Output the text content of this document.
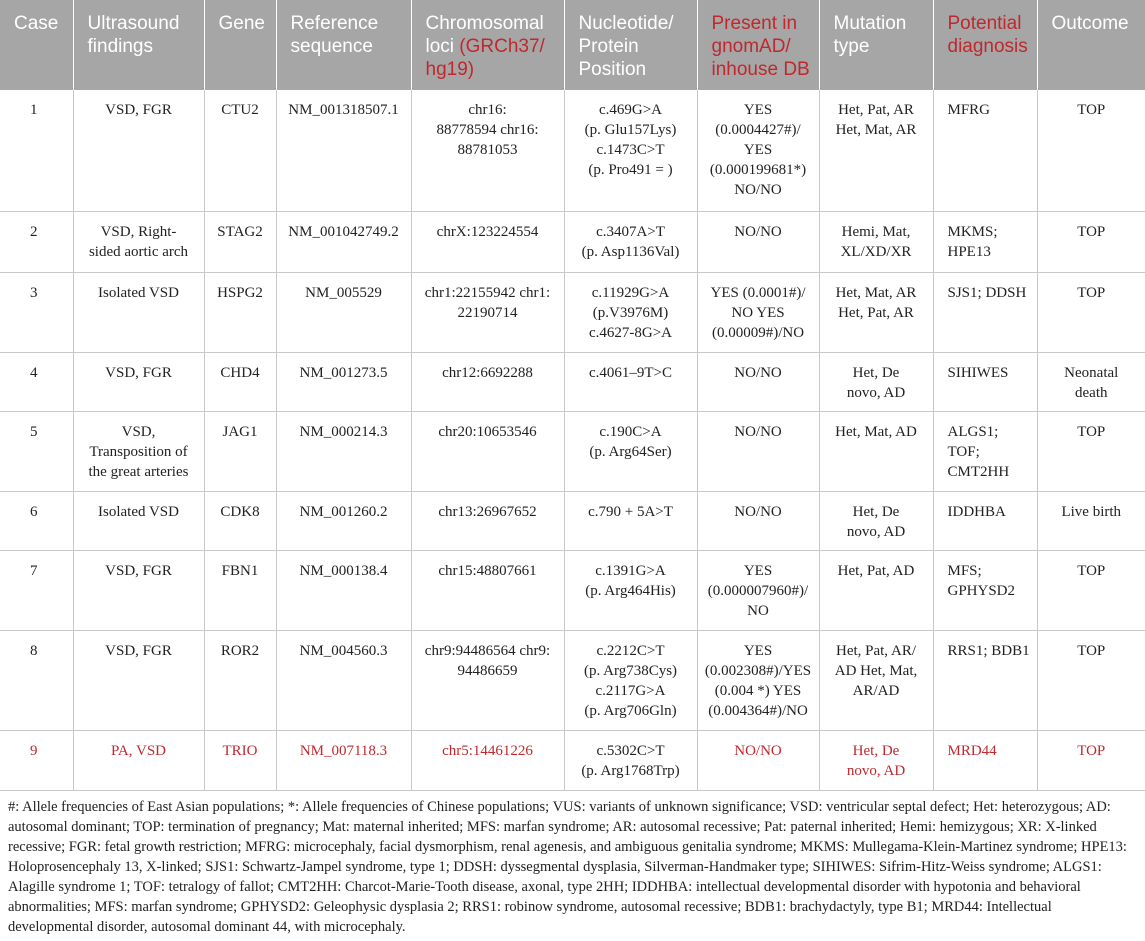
Case	Ultrasound findings	Gene	Reference sequence	Chromosomal loci (GRCh37/ hg19)	Nucleotide/ Protein Position	Present in gnomAD/ inhouse DB	Mutation type	Potential diagnosis	Outcome
1	VSD, FGR	CTU2	NM_001318507.1	chr16:
88778594 chr16:
88781053	c.469G>A
(p. Glu157Lys)
c.1473C>T
(p. Pro491 = )	YES
(0.0004427#)/
YES
(0.000199681*)
NO/NO	Het, Pat, AR
Het, Mat, AR	MFRG	TOP

2	VSD, Right-
sided aortic arch	STAG2	NM_001042749.2	chrX:123224554	c.3407A>T
(p. Asp1136Val)	NO/NO	Hemi, Mat,
XL/XD/XR	MKMS;
HPE13	TOP

3	Isolated VSD	HSPG2	NM_005529	chr1:22155942 chr1:
22190714	c.11929G>A
(p.V3976M)
c.4627-8G>A	YES (0.0001#)/
NO YES
(0.00009#)/NO	Het, Mat, AR
Het, Pat, AR	SJS1; DDSH	TOP

4	VSD, FGR	CHD4	NM_001273.5	chr12:6692288	c.4061–9T>C	NO/NO	Het, De
novo, AD	SIHIWES	Neonatal
death

5	VSD,
Transposition of
the great arteries	JAG1	NM_000214.3	chr20:10653546	c.190C>A
(p. Arg64Ser)	NO/NO	Het, Mat, AD	ALGS1; TOF;
CMT2HH	TOP

6	Isolated VSD	CDK8	NM_001260.2	chr13:26967652	c.790 + 5A>T	NO/NO	Het, De
novo, AD	IDDHBA	Live birth

7	VSD, FGR	FBN1	NM_000138.4	chr15:48807661	c.1391G>A
(p. Arg464His)	YES
(0.000007960#)/
NO	Het, Pat, AD	MFS;
GPHYSD2	TOP

8	VSD, FGR	ROR2	NM_004560.3	chr9:94486564 chr9:
94486659	c.2212C>T
(p. Arg738Cys)
c.2117G>A
(p. Arg706Gln)	YES
(0.002308#)/YES
(0.004 *) YES
(0.004364#)/NO	Het, Pat, AR/
AD Het, Mat,
AR/AD	RRS1; BDB1	TOP

9	PA, VSD	TRIO	NM_007118.3	chr5:14461226	c.5302C>T
(p. Arg1768Trp)	NO/NO	Het, De
novo, AD	MRD44	TOP
#: Allele frequencies of East Asian populations; *: Allele frequencies of Chinese populations; VUS: variants of unknown significance; VSD: ventricular septal defect; Het: heterozygous; AD: autosomal dominant; TOP: termination of pregnancy; Mat: maternal inherited; MFS: marfan syndrome; AR: autosomal recessive; Pat: paternal inherited; Hemi: hemizygous; XR: X-linked recessive; FGR: fetal growth restriction; MFRG: microcephaly, facial dysmorphism, renal agenesis, and ambiguous genitalia syndrome; MKMS: Mullegama-Klein-Martinez syndrome; HPE13: Holoprosencephaly 13, X-linked; SJS1: Schwartz-Jampel syndrome, type 1; DDSH: dyssegmental dysplasia, Silverman-Handmaker type; SIHIWES: Sifrim-Hitz-Weiss syndrome; ALGS1: Alagille syndrome 1; TOF: tetralogy of fallot; CMT2HH: Charcot-Marie-Tooth disease, axonal, type 2HH; IDDHBA: intellectual developmental disorder with hypotonia and behavioral abnormalities; MFS: marfan syndrome; GPHYSD2: Geleophysic dysplasia 2; RRS1: robinow syndrome, autosomal recessive; BDB1: brachydactyly, type B1; MRD44: Intellectual developmental disorder, autosomal dominant 44, with microcephaly.
